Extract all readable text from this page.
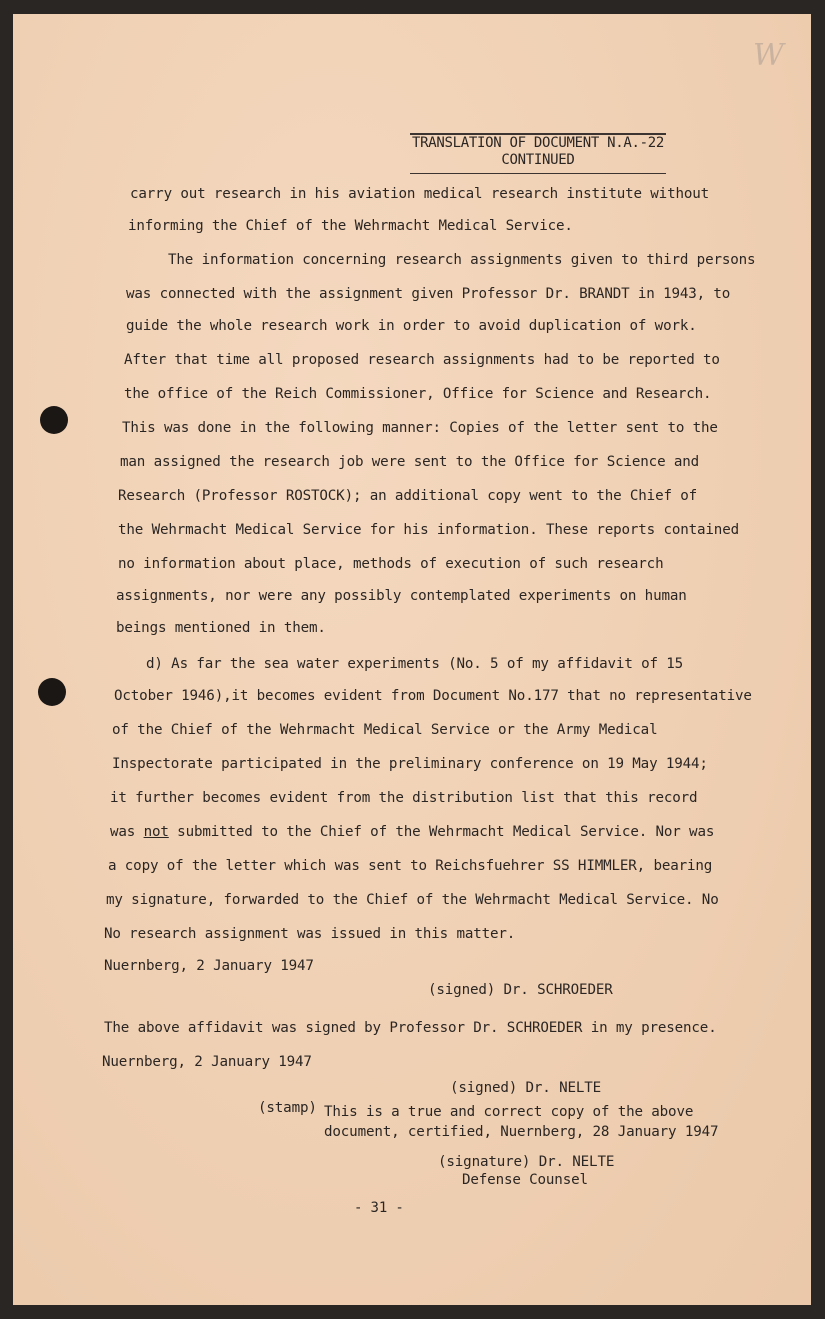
W
TRANSLATION OF DOCUMENT N.A.-22

CONTINUED
carry out research in his aviation medical research institute without
informing the Chief of the Wehrmacht Medical Service.
The information concerning research assignments given to third persons
was connected with the assignment given Professor Dr. BRANDT in 1943, to
guide the whole research work in order to avoid duplication of work.
After that time all proposed research assignments had to be reported to
the office of the Reich Commissioner, Office for Science and Research.
This was done in the following manner: Copies of the letter sent to the
man assigned the research job were sent to the Office for Science and
Research (Professor ROSTOCK); an additional copy went to the Chief of
the Wehrmacht Medical Service for his information. These reports contained
no information about place, methods of execution of such research
assignments, nor were any possibly contemplated experiments on human
beings mentioned in them.
d) As far the sea water experiments (No. 5 of my affidavit of 15
October 1946),it becomes evident from Document No.177 that no representative
of the Chief of the Wehrmacht Medical Service or the Army Medical
Inspectorate participated in the preliminary conference on 19 May 1944;
it further becomes evident from the distribution list that this record
was not submitted to the Chief of the Wehrmacht Medical Service. Nor was
a copy of the letter which was sent to Reichsfuehrer SS HIMMLER, bearing
my signature, forwarded to the Chief of the Wehrmacht Medical Service. No
No research assignment was issued in this matter.
Nuernberg, 2 January 1947
(signed) Dr. SCHROEDER
The above affidavit was signed by Professor Dr. SCHROEDER in my presence.
Nuernberg, 2 January 1947
(signed) Dr. NELTE
(stamp) This is a true and correct copy of the above
document, certified, Nuernberg, 28 January 1947
(signature) Dr. NELTE
Defense Counsel
- 31 -
